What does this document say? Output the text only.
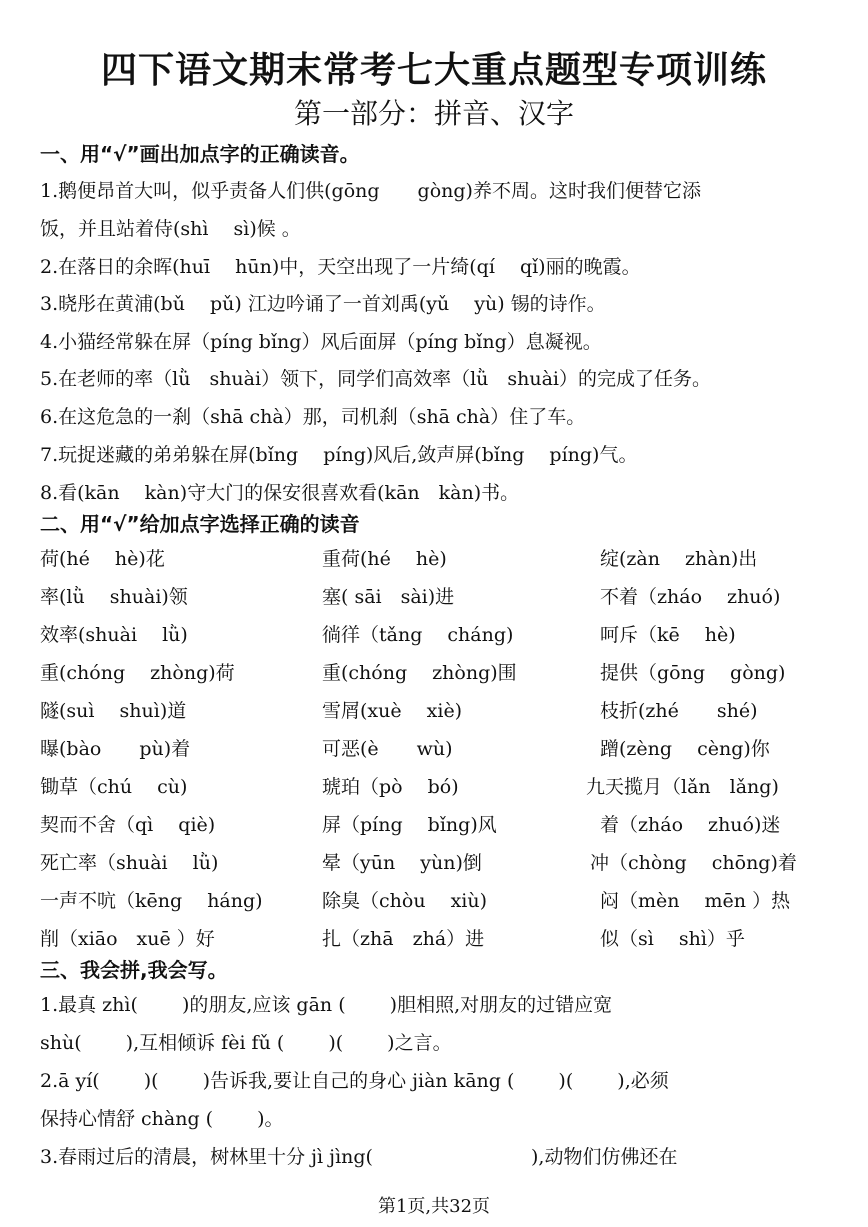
四下语文期末常考七大重点题型专项训练
第一部分：拼音、汉字
一、用“√”画出加点字的正确读音。
1.鹅便昂首大叫，似乎责备人们供(gōng　　gòng)养不周。这时我们便替它添
饭，并且站着侍(shì　 sì)候 。
2.在落日的余晖(huī　 hūn)中，天空出现了一片绮(qí　 qǐ)丽的晚霞。
3.晓彤在黄浦(bǔ　 pǔ) 江边吟诵了一首刘禹(yǔ　 yù) 锡的诗作。
4.小猫经常躲在屏（píng bǐng）风后面屏（píng bǐng）息凝视。
5.在老师的率（lǜ　shuài）领下，同学们高效率（lǜ　shuài）的完成了任务。
6.在这危急的一刹（shā chà）那，司机刹（shā chà）住了车。
7.玩捉迷藏的弟弟躲在屏(bǐng　 píng)风后,敛声屏(bǐng　 píng)气。
8.看(kān　 kàn)守大门的保安很喜欢看(kān　kàn)书。
二、用“√”给加点字选择正确的读音
荷(hé　 hè)花	重荷(hé　 hè)	绽(zàn　 zhàn)出
率(lǜ　 shuài)领	塞( sāi　sài)进	不着（zháo　 zhuó)
效率(shuài　 lǜ)	徜徉（tǎng　 cháng)	呵斥（kē　 hè)
重(chóng　 zhòng)荷	重(chóng　 zhòng)围	提供（gōng　 gòng)
隧(suì　 shuì)道	雪屑(xuè　 xiè)	枝折(zhé　　shé)
曝(bào　　pù)着	可恶(è　　wù)	蹭(zèng　 cèng)你
锄草（chú　 cù)	琥珀（pò　 bó)	九天揽月（lǎn　lǎng)
契而不舍（qì　 qiè)	屏（píng　 bǐng)风	着（zháo　 zhuó)迷
死亡率（shuài　 lǜ)	晕（yūn　 yùn)倒	冲（chòng　 chōng)着
一声不吭（kēng　 háng)	除臭（chòu　 xiù)	闷（mèn　 mēn ）热
削（xiāo　xuē ）好	扎（zhā　zhá）进	似（sì　 shì）乎
三、我会拼,我会写。
1.最真 zhì(　　 )的朋友,应该 gān (　　 )胆相照,对朋友的过错应宽
shù(　　 ),互相倾诉 fèi fǔ (　　 )(　　 )之言。
2.ā yí(　　 )(　　 )告诉我,要让自己的身心 jiàn kāng (　　 )(　　 ),必须
保持心情舒 chàng (　　 )。
3.春雨过后的清晨，树林里十分 jì jìng(　　　　　　　　 ),动物们仿佛还在
第1页,共32页
